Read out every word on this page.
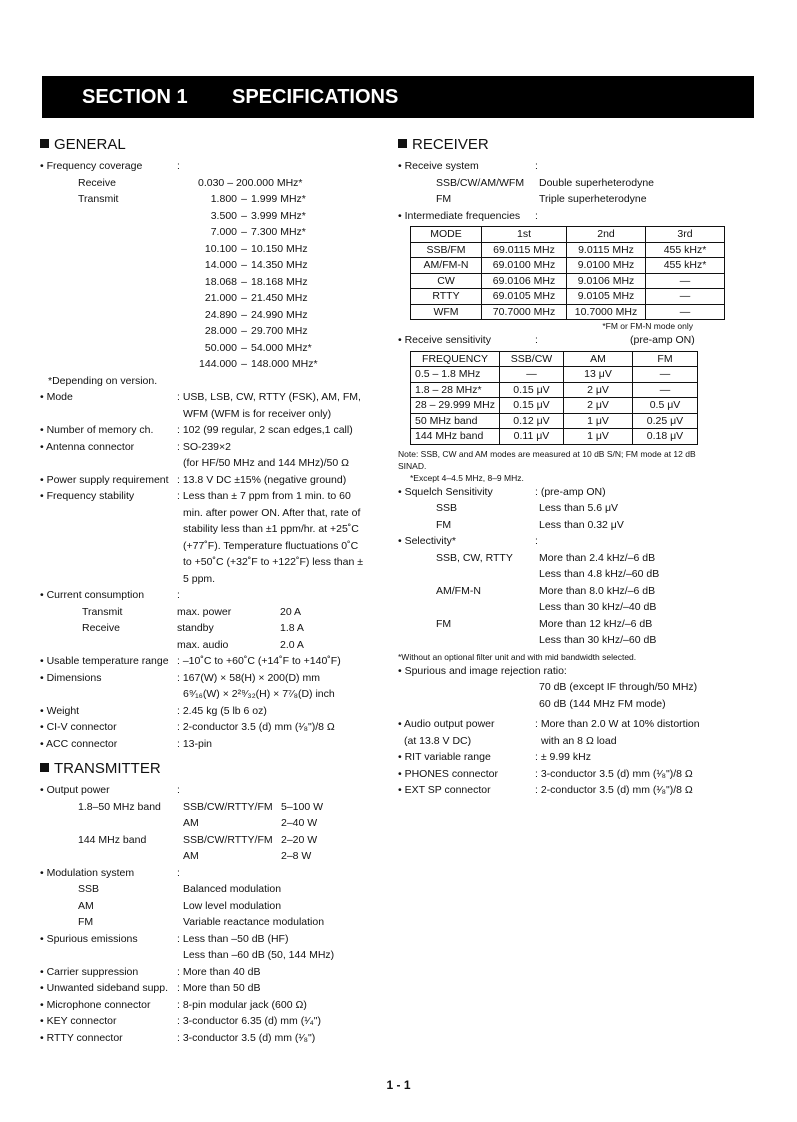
SECTION 1 SPECIFICATIONS
GENERAL
• Frequency coverage	:
Receive	0.030 – 200.000 MHz*
Transmit	1.800 – 1.999 MHz*
3.500 – 3.999 MHz*
7.000 – 7.300 MHz*
10.100 – 10.150 MHz
14.000 – 14.350 MHz
18.068 – 18.168 MHz
21.000 – 21.450 MHz
24.890 – 24.990 MHz
28.000 – 29.700 MHz
50.000 – 54.000 MHz*
144.000 – 148.000 MHz*
*Depending on version.
• Mode	: USB, LSB, CW, RTTY (FSK), AM, FM, WFM (WFM is for receiver only)
• Number of memory ch. : 102 (99 regular, 2 scan edges,1 call)
• Antenna connector	: SO-239×2
(for HF/50 MHz and 144 MHz)/50 Ω
• Power supply requirement : 13.8 V DC ±15% (negative ground)
• Frequency stability	: Less than ± 7 ppm from 1 min. to 60 min. after power ON. After that, rate of stability less than ±1 ppm/hr. at +25˚C (+77˚F). Temperature fluctuations 0˚C to +50˚C (+32˚F to +122˚F) less than ± 5 ppm.
• Current consumption	:
Transmit	max. power	20 A
Receive	standby	1.8 A
max. audio	2.0 A
• Usable temperature range : –10˚C to +60˚C (+14˚F to +140˚F)
• Dimensions	: 167(W) × 58(H) × 200(D) mm
6⁹⁄₁₆(W) × 2²⁹⁄₃₂(H) × 7⁷⁄₈(D) inch
• Weight	: 2.45 kg (5 lb 6 oz)
• CI-V connector	: 2-conductor 3.5 (d) mm (¹⁄₈")/8 Ω
• ACC connector	: 13-pin
TRANSMITTER
• Output power	:
1.8–50 MHz band SSB/CW/RTTY/FM 5–100 W
AM	2–40 W
144 MHz band	SSB/CW/RTTY/FM 2–20 W
AM	2–8 W
• Modulation system	:
SSB	Balanced modulation
AM	Low level modulation
FM	Variable reactance modulation
• Spurious emissions	: Less than –50 dB (HF)
Less than –60 dB (50, 144 MHz)
• Carrier suppression	: More than 40 dB
• Unwanted sideband supp. : More than 50 dB
• Microphone connector	: 8-pin modular jack (600 Ω)
• KEY connector	: 3-conductor 6.35 (d) mm (¹⁄₄")
• RTTY connector	: 3-conductor 3.5 (d) mm (¹⁄₈")
RECEIVER
• Receive system	:
SSB/CW/AM/WFM Double superheterodyne
FM	Triple superheterodyne
• Intermediate frequencies :
MODE	1st	2nd	3rd
SSB/FM	69.0115 MHz	9.0115 MHz	455 kHz*
AM/FM-N	69.0100 MHz	9.0100 MHz	455 kHz*
CW	69.0106 MHz	9.0106 MHz	—
RTTY	69.0105 MHz	9.0105 MHz	—
WFM	70.7000 MHz	10.7000 MHz	—
*FM or FM-N mode only
• Receive sensitivity	:	(pre-amp ON)
FREQUENCY	SSB/CW	AM	FM
0.5 – 1.8 MHz	—	13 μV	—
1.8 – 28 MHz*	0.15 μV	2 μV	—
28 – 29.999 MHz	0.15 μV	2 μV	0.5 μV
50 MHz band	0.12 μV	1 μV	0.25 μV
144 MHz band	0.11 μV	1 μV	0.18 μV
Note: SSB, CW and AM modes are measured at 10 dB S/N; FM mode at 12 dB SINAD.
*Except 4–4.5 MHz, 8–9 MHz.
• Squelch Sensitivity	: (pre-amp ON)
SSB	Less than 5.6 μV
FM	Less than 0.32 μV
• Selectivity*	:
SSB, CW, RTTY More than 2.4 kHz/–6 dB
Less than 4.8 kHz/–60 dB
AM/FM-N	More than 8.0 kHz/–6 dB
Less than 30 kHz/–40 dB
FM	More than 12 kHz/–6 dB
Less than 30 kHz/–60 dB
*Without an optional filter unit and with mid bandwidth selected.
• Spurious and image rejection ratio:
70 dB (except IF through/50 MHz)
60 dB (144 MHz FM mode)
• Audio output power
(at 13.8 V DC)
: More than 2.0 W at 10% distortion
with an 8 Ω load
• RIT variable range	: ± 9.99 kHz
• PHONES connector	: 3-conductor 3.5 (d) mm (¹⁄₈")/8 Ω
• EXT SP connector	: 2-conductor 3.5 (d) mm (¹⁄₈")/8 Ω
1 - 1
